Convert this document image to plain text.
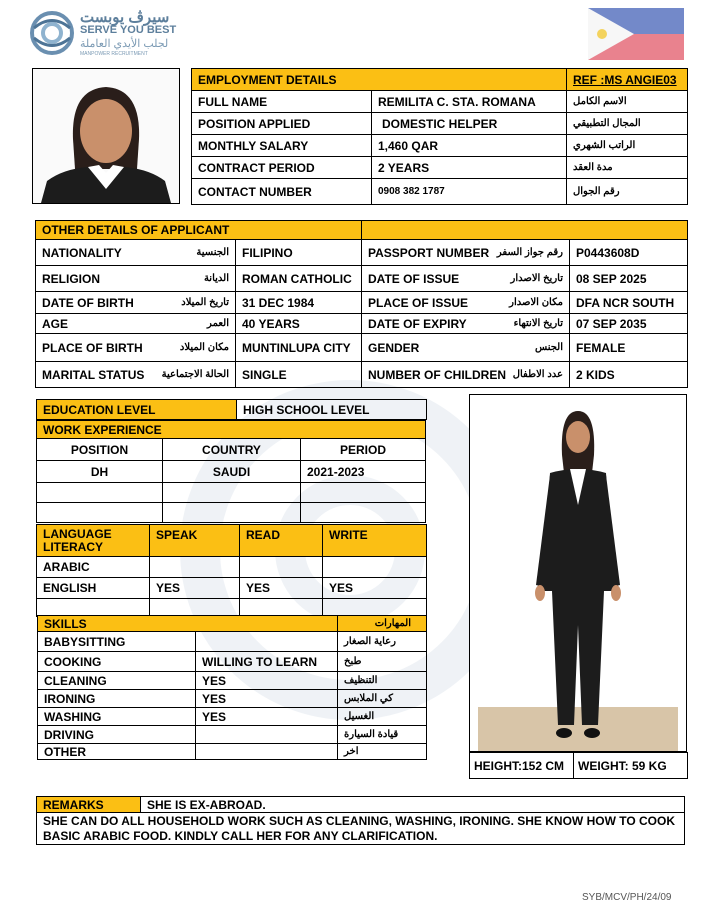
سيرڤ يوبست
SERVE YOU BEST
لجلب الأيدي العاملة
MANPOWER RECRUITMENT
EMPLOYMENT DETAILS		REF :MS ANGIE03
FULL NAME	REMILITA C. STA. ROMANA	الاسم الكامل
POSITION APPLIED	DOMESTIC HELPER	المجال التطبيقي
MONTHLY SALARY	1,460 QAR	الراتب الشهري
CONTRACT PERIOD	2 YEARS	مدة العقد
CONTACT NUMBER	0908 382 1787	رقم الجوال
OTHER DETAILS OF APPLICANT			

NATIONALITY الجنسية	FILIPINO	PASSPORT NUMBER رقم جواز السفر	P0443608D

RELIGION الديانة	ROMAN CATHOLIC	DATE OF ISSUE تاريخ الاصدار	08 SEP 2025

DATE OF BIRTH تاريخ الميلاد	31 DEC 1984	PLACE OF ISSUE مكان الاصدار	DFA NCR SOUTH

AGE العمر	40 YEARS	DATE OF EXPIRY تاريخ الانتهاء	07 SEP 2035

PLACE OF BIRTH مكان الميلاد	MUNTINLUPA CITY	GENDER الجنس	FEMALE

MARITAL STATUS الحالة الاجتماعية	SINGLE	NUMBER OF CHILDREN عدد الاطفال	2 KIDS
EDUCATION LEVEL	HIGH SCHOOL LEVEL
WORK EXPERIENCE		
POSITION	COUNTRY	PERIOD
DH	SAUDI	2021-2023

LANGUAGE LITERACY	SPEAK	READ	WRITE
ARABIC			
ENGLISH	YES	YES	YES

SKILLS المهارات		

BABYSITTING		رعاية الصغار
COOKING	WILLING TO LEARN	طبخ
CLEANING	YES	التنظيف
IRONING	YES	كي الملابس
WASHING	YES	الغسيل
DRIVING		قيادة السيارة
OTHER		اخر
HEIGHT:152 CM	WEIGHT: 59 KG
REMARKS	SHE IS EX-ABROAD.
SHE CAN DO ALL HOUSEHOLD WORK SUCH AS CLEANING, WASHING, IRONING. SHE KNOW HOW TO COOK BASIC ARABIC FOOD. KINDLY CALL HER FOR ANY CLARIFICATION.
SYB/MCV/PH/24/09
